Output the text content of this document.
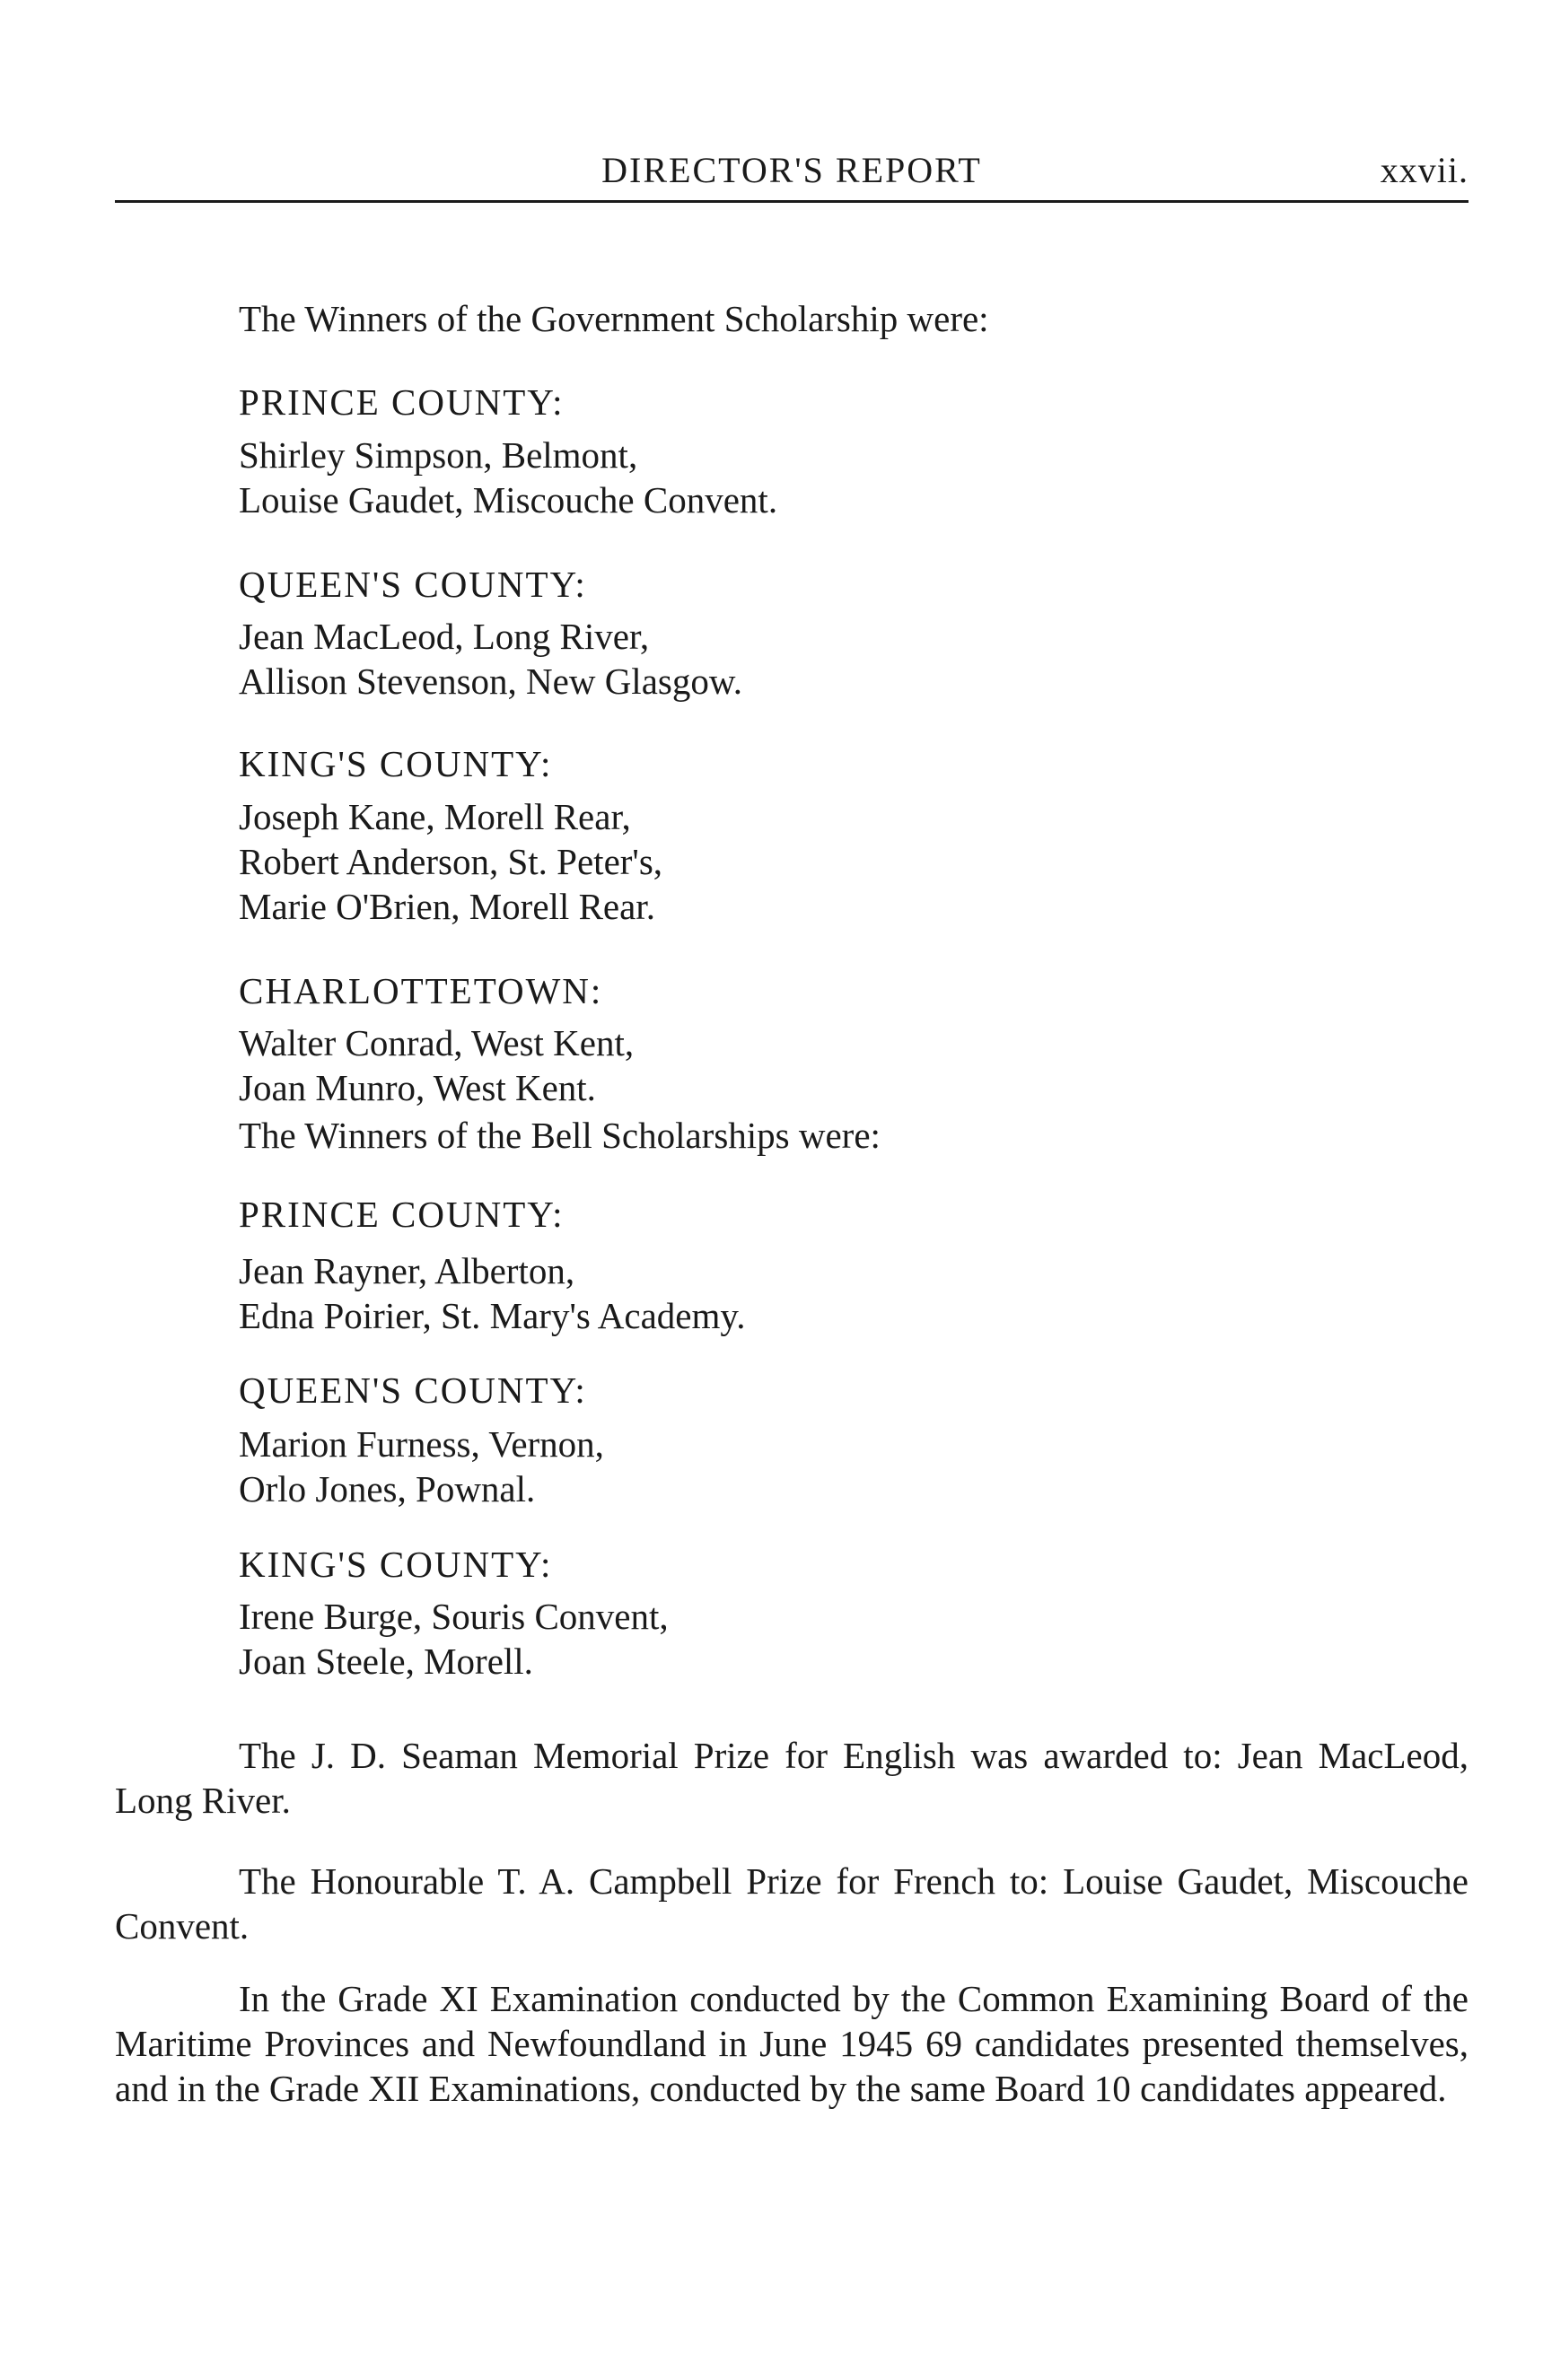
DIRECTOR'S REPORT	xxvii.
The Winners of the Government Scholarship were:
PRINCE COUNTY:
Shirley Simpson, Belmont,
Louise Gaudet, Miscouche Convent.
QUEEN'S COUNTY:
Jean MacLeod, Long River,
Allison Stevenson, New Glasgow.
KING'S COUNTY:
Joseph Kane, Morell Rear,
Robert Anderson, St. Peter's,
Marie O'Brien, Morell Rear.
CHARLOTTETOWN:
Walter Conrad, West Kent,
Joan Munro, West Kent.
The Winners of the Bell Scholarships were:
PRINCE COUNTY:
Jean Rayner, Alberton,
Edna Poirier, St. Mary's Academy.
QUEEN'S COUNTY:
Marion Furness, Vernon,
Orlo Jones, Pownal.
KING'S COUNTY:
Irene Burge, Souris Convent,
Joan Steele, Morell.

The J. D. Seaman Memorial Prize for English was awarded to: Jean MacLeod, Long River.

The Honourable T. A. Campbell Prize for French to: Louise Gaudet, Miscouche Convent.

In the Grade XI Examination conducted by the Common Examining Board of the Maritime Provinces and Newfoundland in June 1945 69 candidates presented themselves, and in the Grade XII Examinations, conducted by the same Board 10 candidates appeared.
